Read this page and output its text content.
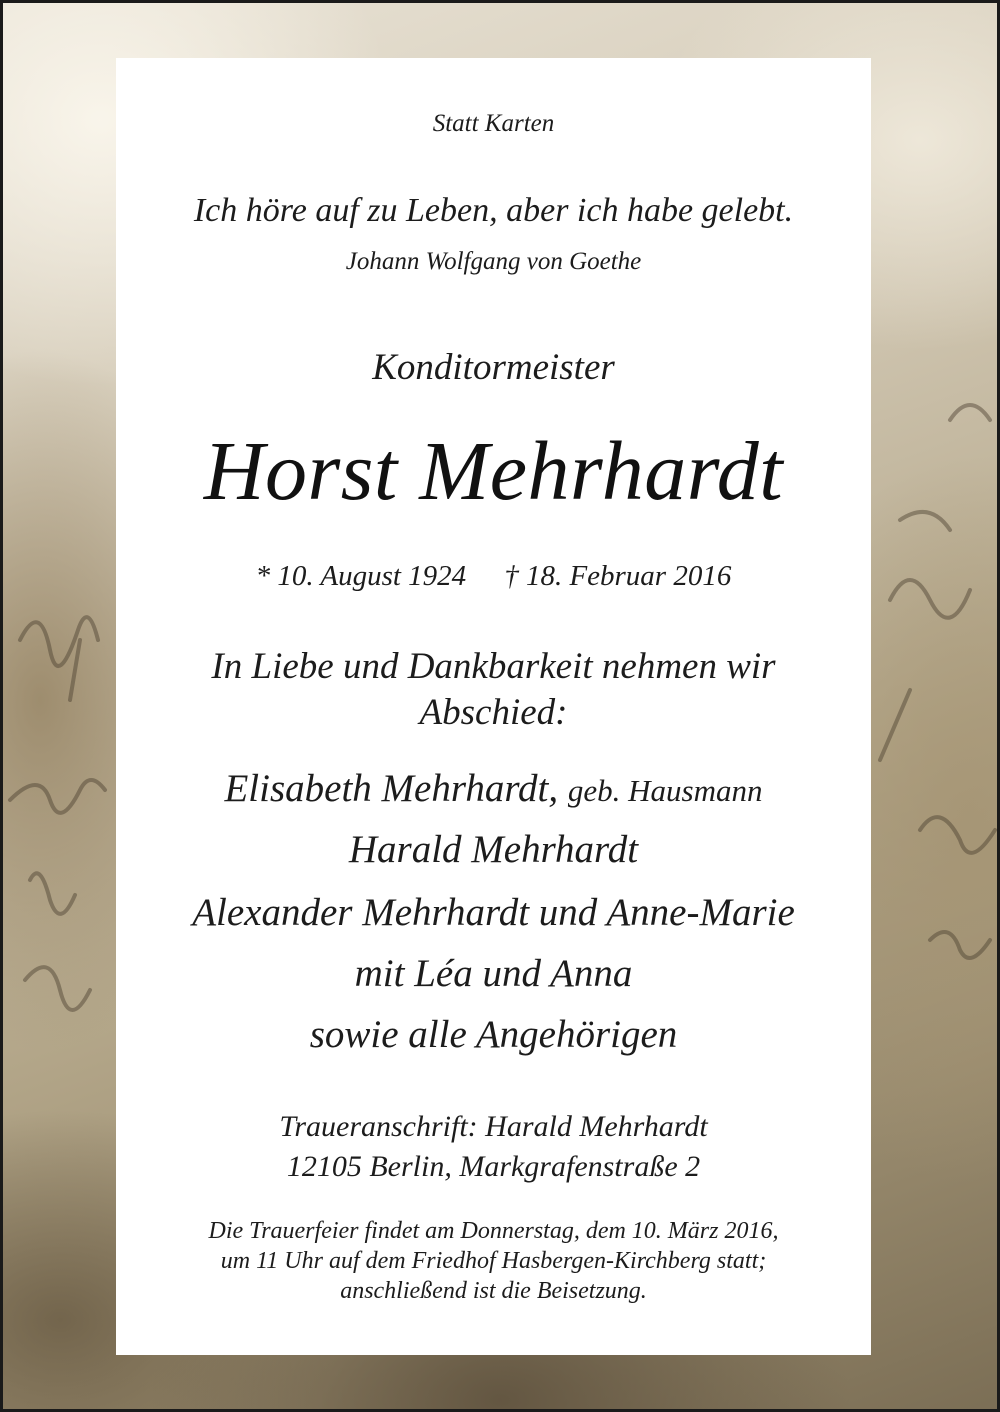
Statt Karten

Ich höre auf zu Leben, aber ich habe gelebt.

Johann Wolfgang von Goethe

Konditormeister

Horst Mehrhardt

* 10. August 1924 † 18. Februar 2016

In Liebe und Dankbarkeit nehmen wir
Abschied:

Elisabeth Mehrhardt, geb. Hausmann

Harald Mehrhardt

Alexander Mehrhardt und Anne-Marie

mit Léa und Anna

sowie alle Angehörigen

Traueranschrift: Harald Mehrhardt

12105 Berlin, Markgrafenstraße 2

Die Trauerfeier findet am Donnerstag, dem 10. März 2016,
um 11 Uhr auf dem Friedhof Hasbergen-Kirchberg statt;
anschließend ist die Beisetzung.
